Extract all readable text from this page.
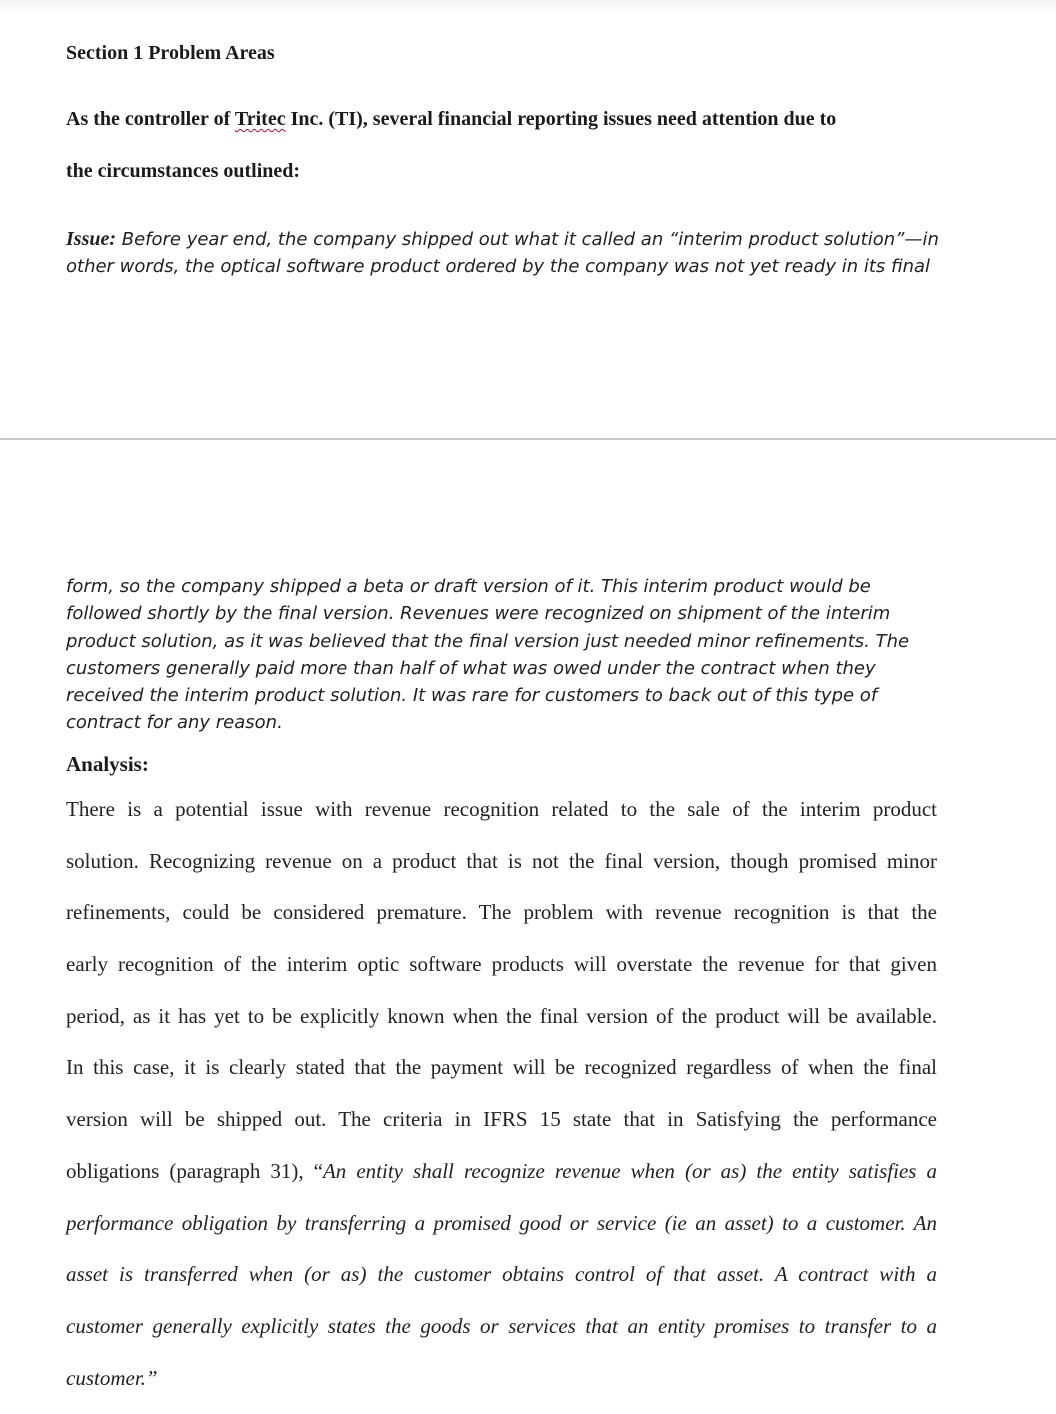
Section 1 Problem Areas
As the controller of Tritec Inc. (TI), several financial reporting issues need attention due to
the circumstances outlined:
Issue: Before year end, the company shipped out what it called an “interim product solution”—in
other words, the optical software product ordered by the company was not yet ready in its final
form, so the company shipped a beta or draft version of it. This interim product would be
followed shortly by the final version. Revenues were recognized on shipment of the interim
product solution, as it was believed that the final version just needed minor refinements. The
customers generally paid more than half of what was owed under the contract when they
received the interim product solution. It was rare for customers to back out of this type of
contract for any reason.
Analysis:
There is a potential issue with revenue recognition related to the sale of the interim product
solution. Recognizing revenue on a product that is not the final version, though promised minor
refinements, could be considered premature. The problem with revenue recognition is that the
early recognition of the interim optic software products will overstate the revenue for that given
period, as it has yet to be explicitly known when the final version of the product will be available.
In this case, it is clearly stated that the payment will be recognized regardless of when the final
version will be shipped out. The criteria in IFRS 15 state that in Satisfying the performance
obligations (paragraph 31), “An entity shall recognize revenue when (or as) the entity satisfies a
performance obligation by transferring a promised good or service (ie an asset) to a customer. An
asset is transferred when (or as) the customer obtains control of that asset. A contract with a
customer generally explicitly states the goods or services that an entity promises to transfer to a
customer.”
